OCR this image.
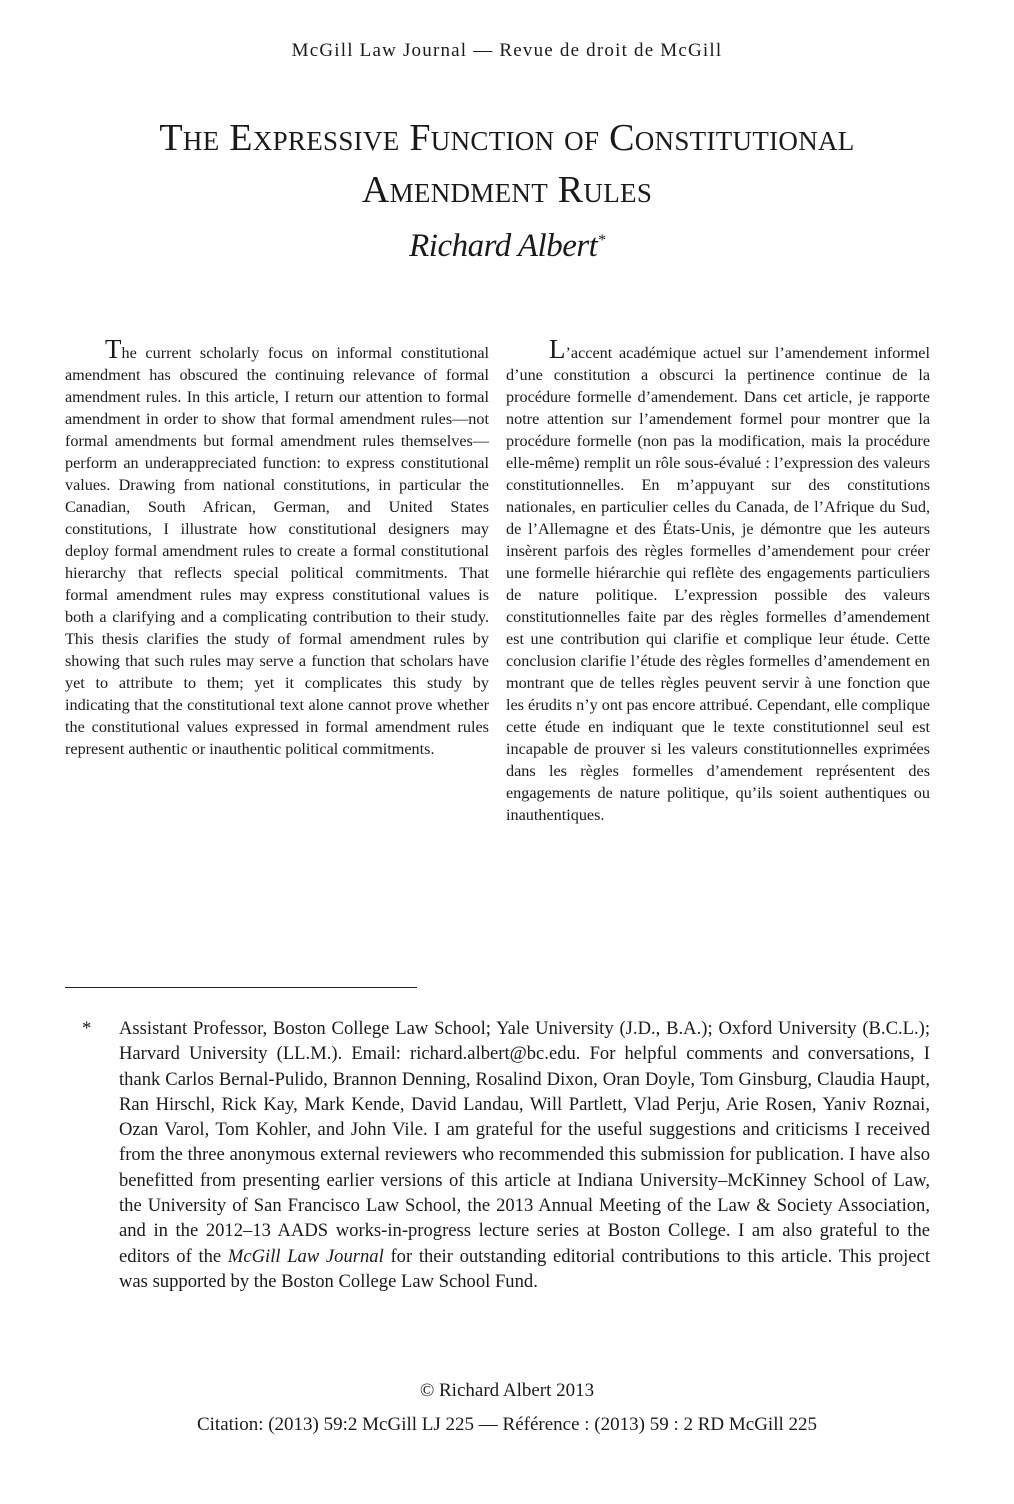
McGill Law Journal — Revue de droit de McGill
The Expressive Function of Constitutional
Amendment Rules
Richard Albert*

The current scholarly focus on informal constitutional amendment has obscured the continuing relevance of formal amendment rules. In this article, I return our attention to formal amendment in order to show that formal amendment rules—not formal amendments but formal amendment rules themselves—perform an underappreciated function: to express constitutional values. Drawing from national constitutions, in particular the Canadian, South African, German, and United States constitutions, I illustrate how constitutional designers may deploy formal amendment rules to create a formal constitutional hierarchy that reflects special political commitments. That formal amendment rules may express constitutional values is both a clarifying and a complicating contribution to their study. This thesis clarifies the study of formal amendment rules by showing that such rules may serve a function that scholars have yet to attribute to them; yet it complicates this study by indicating that the constitutional text alone cannot prove whether the constitutional values expressed in formal amendment rules represent authentic or inauthentic political commitments.

L’accent académique actuel sur l’amendement informel d’une constitution a obscurci la pertinence continue de la procédure formelle d’amendement. Dans cet article, je rapporte notre attention sur l’amendement formel pour montrer que la procédure formelle (non pas la modification, mais la procédure elle-même) remplit un rôle sous-évalué : l’expression des valeurs constitutionnelles. En m’appuyant sur des constitutions nationales, en particulier celles du Canada, de l’Afrique du Sud, de l’Allemagne et des États-Unis, je démontre que les auteurs insèrent parfois des règles formelles d’amendement pour créer une formelle hiérarchie qui reflète des engagements particuliers de nature politique. L’expression possible des valeurs constitutionnelles faite par des règles formelles d’amendement est une contribution qui clarifie et complique leur étude. Cette conclusion clarifie l’étude des règles formelles d’amendement en montrant que de telles règles peuvent servir à une fonction que les érudits n’y ont pas encore attribué. Cependant, elle complique cette étude en indiquant que le texte constitutionnel seul est incapable de prouver si les valeurs constitutionnelles exprimées dans les règles formelles d’amendement représentent des engagements de nature politique, qu’ils soient authentiques ou inauthentiques.

*	Assistant Professor, Boston College Law School; Yale University (J.D., B.A.); Oxford University (B.C.L.); Harvard University (LL.M.). Email: richard.albert@bc.edu. For helpful comments and conversations, I thank Carlos Bernal-Pulido, Brannon Denning, Rosalind Dixon, Oran Doyle, Tom Ginsburg, Claudia Haupt, Ran Hirschl, Rick Kay, Mark Kende, David Landau, Will Partlett, Vlad Perju, Arie Rosen, Yaniv Roznai, Ozan Varol, Tom Kohler, and John Vile. I am grateful for the useful suggestions and criticisms I received from the three anonymous external reviewers who recommended this submission for publication. I have also benefitted from presenting earlier versions of this article at Indiana University–McKinney School of Law, the University of San Francisco Law School, the 2013 Annual Meeting of the Law & Society Association, and in the 2012–13 AADS works-in-progress lecture series at Boston College. I am also grateful to the editors of the McGill Law Journal for their outstanding editorial contributions to this article. This project was supported by the Boston College Law School Fund.
© Richard Albert 2013
Citation: (2013) 59:2 McGill LJ 225 — Référence : (2013) 59 : 2 RD McGill 225
